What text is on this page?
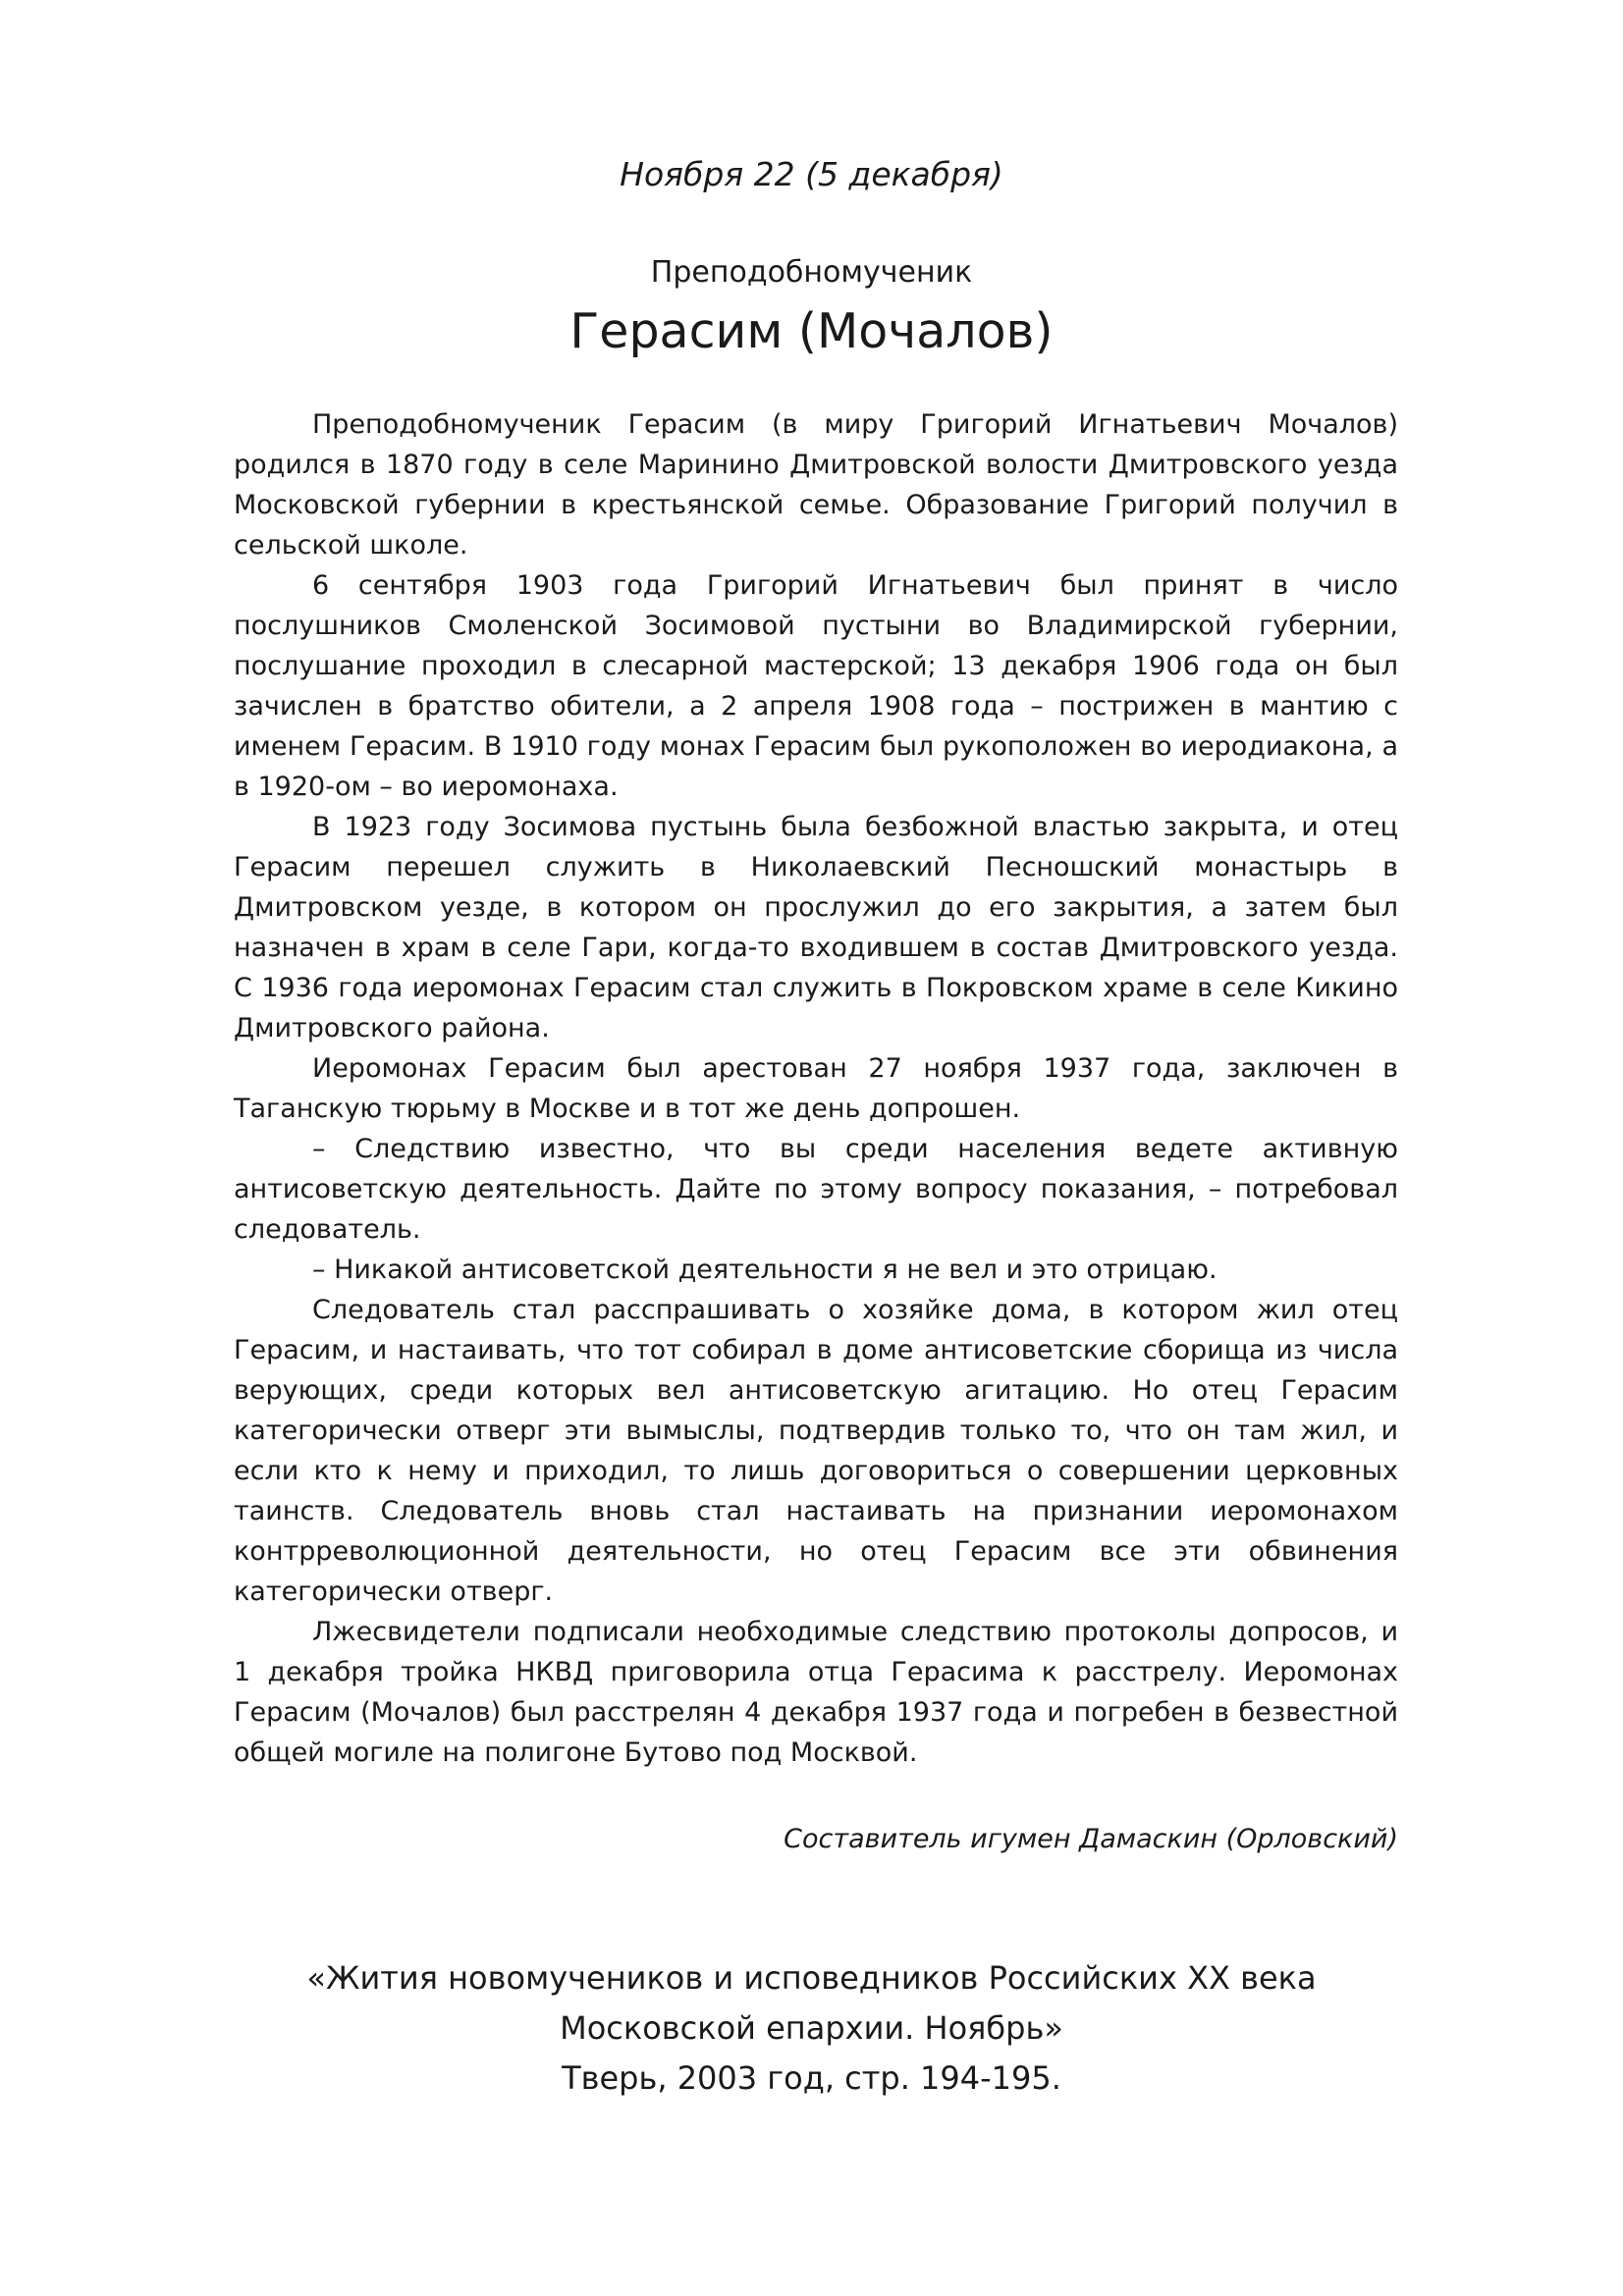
Ноября 22 (5 декабря)
Преподобномученик
Герасим (Мочалов)

Преподобномученик Герасим (в миру Григорий Игнатьевич Мочалов) родился в 1870 году в селе Маринино Дмитровской волости Дмитровского уезда Московской губернии в крестьянской семье. Образование Григорий получил в сельской школе.

6 сентября 1903 года Григорий Игнатьевич был принят в число послушников Смоленской Зосимовой пустыни во Владимирской губернии, послушание проходил в слесарной мастерской; 13 декабря 1906 года он был зачислен в братство обители, а 2 апреля 1908 года – пострижен в мантию с именем Герасим. В 1910 году монах Герасим был рукоположен во иеродиакона, а в 1920-ом – во иеромонаха.

В 1923 году Зосимова пустынь была безбожной властью закрыта, и отец Герасим перешел служить в Николаевский Песношский монастырь в Дмитровском уезде, в котором он прослужил до его закрытия, а затем был назначен в храм в селе Гари, когда-то входившем в состав Дмитровского уезда. С 1936 года иеромонах Герасим стал служить в Покровском храме в селе Кикино Дмитровского района.

Иеромонах Герасим был арестован 27 ноября 1937 года, заключен в Таганскую тюрьму в Москве и в тот же день допрошен.

– Следствию известно, что вы среди населения ведете активную антисоветскую деятельность. Дайте по этому вопросу показания, – потребовал следователь.

– Никакой антисоветской деятельности я не вел и это отрицаю.

Следователь стал расспрашивать о хозяйке дома, в котором жил отец Герасим, и настаивать, что тот собирал в доме антисоветские сборища из числа верующих, среди которых вел антисоветскую агитацию. Но отец Герасим категорически отверг эти вымыслы, подтвердив только то, что он там жил, и если кто к нему и приходил, то лишь договориться о совершении церковных таинств. Следователь вновь стал настаивать на признании иеромонахом контрреволюционной деятельности, но отец Герасим все эти обвинения категорически отверг.

Лжесвидетели подписали необходимые следствию протоколы допросов, и 1 декабря тройка НКВД приговорила отца Герасима к расстрелу. Иеромонах Герасим (Мочалов) был расстрелян 4 декабря 1937 года и погребен в безвестной общей могиле на полигоне Бутово под Москвой.

Составитель игумен Дамаскин (Орловский)
«Жития новомучеников и исповедников Российских ХХ века
Московской епархии. Ноябрь»
Тверь, 2003 год, стр. 194-195.
